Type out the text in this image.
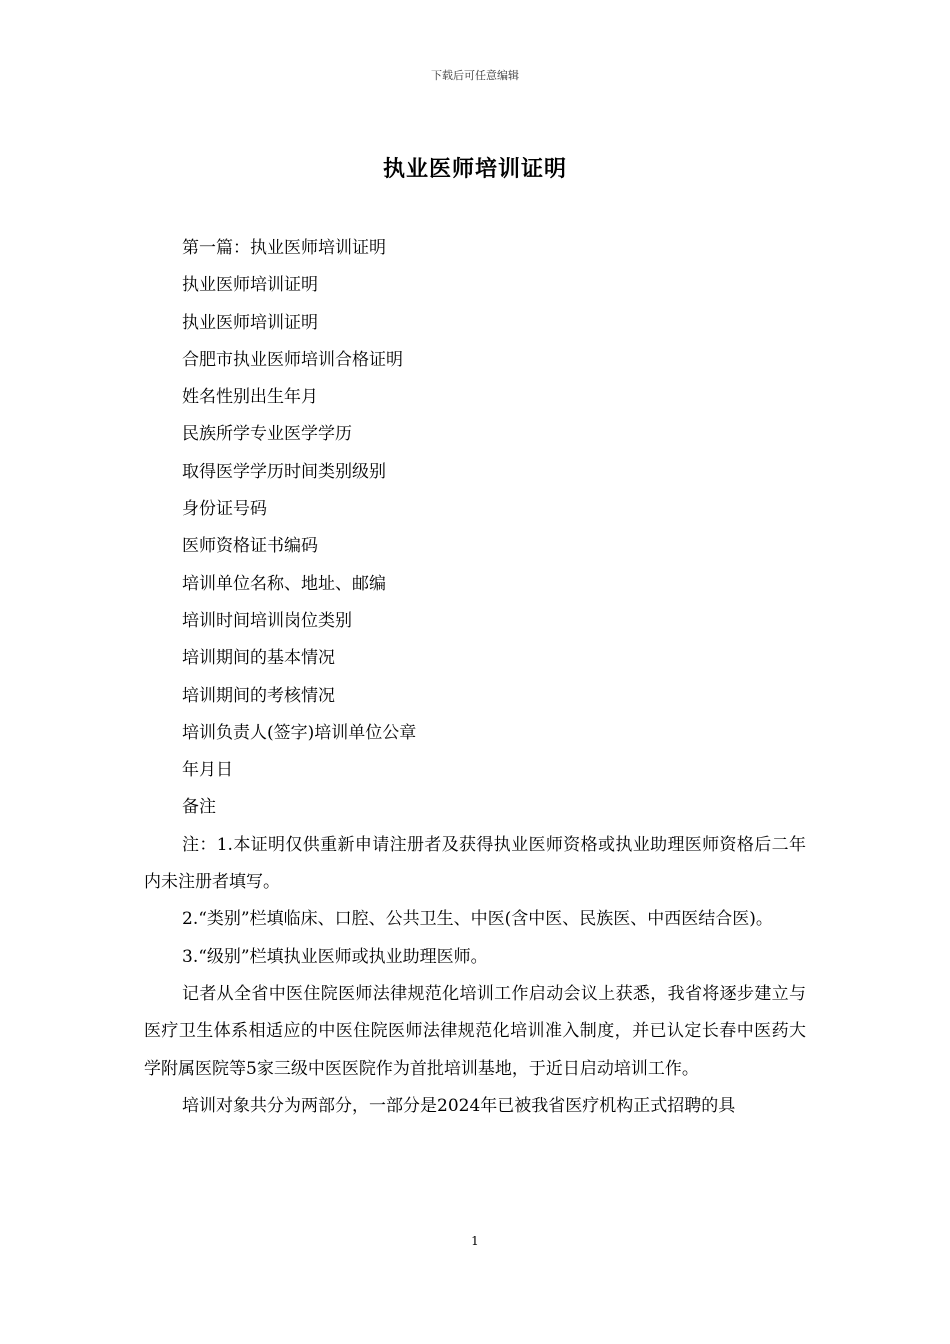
下载后可任意编辑
执业医师培训证明

第一篇：执业医师培训证明

执业医师培训证明

执业医师培训证明

合肥市执业医师培训合格证明

姓名性别出生年月

民族所学专业医学学历

取得医学学历时间类别级别

身份证号码

医师资格证书编码

培训单位名称、地址、邮编

培训时间培训岗位类别

培训期间的基本情况

培训期间的考核情况

培训负责人(签字)培训单位公章

年月日

备注

注：1.本证明仅供重新申请注册者及获得执业医师资格或执业助理医师资格后二年内未注册者填写。

2.“类别”栏填临床、口腔、公共卫生、中医(含中医、民族医、中西医结合医)。

3.“级别”栏填执业医师或执业助理医师。

记者从全省中医住院医师法律规范化培训工作启动会议上获悉，我省将逐步建立与医疗卫生体系相适应的中医住院医师法律规范化培训准入制度，并已认定长春中医药大学附属医院等5家三级中医医院作为首批培训基地，于近日启动培训工作。

培训对象共分为两部分，一部分是2024年已被我省医疗机构正式招聘的具

1
